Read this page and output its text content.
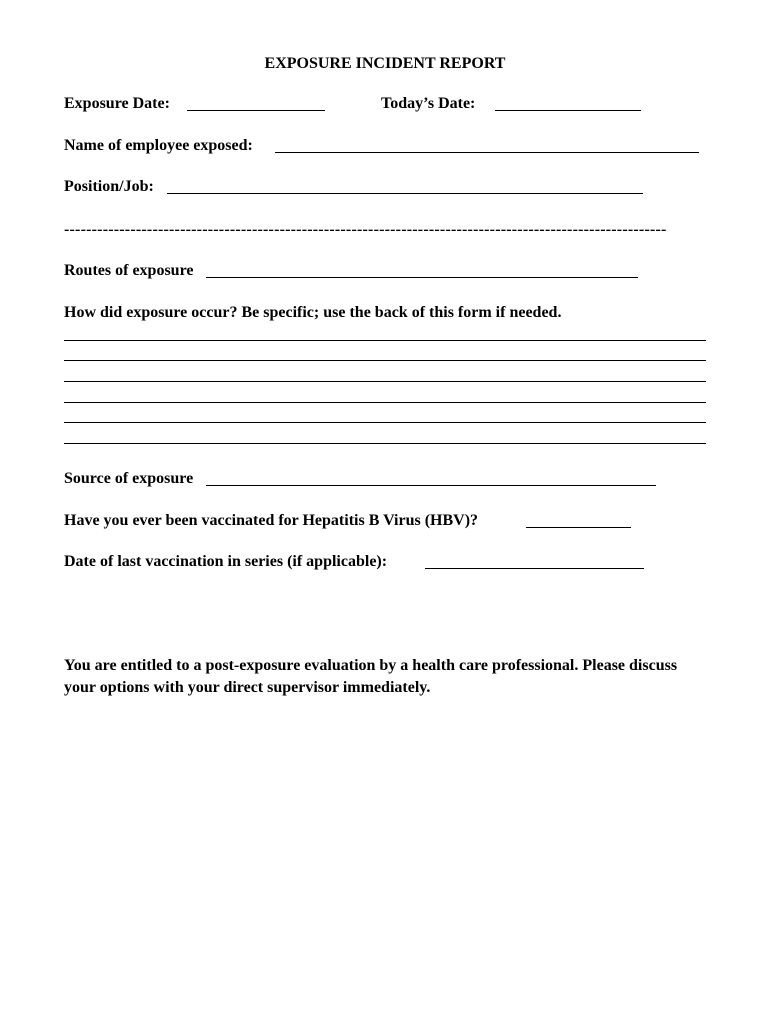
EXPOSURE INCIDENT REPORT
Exposure Date:	Today’s Date:
Name of employee exposed:
Position/Job:
-------------------------------------------------------------------------------------------------------------
Routes of exposure
How did exposure occur? Be specific; use the back of this form if needed.
Source of exposure
Have you ever been vaccinated for Hepatitis B Virus (HBV)?
Date of last vaccination in series (if applicable):
You are entitled to a post-exposure evaluation by a health care professional. Please discuss your options with your direct supervisor immediately.
